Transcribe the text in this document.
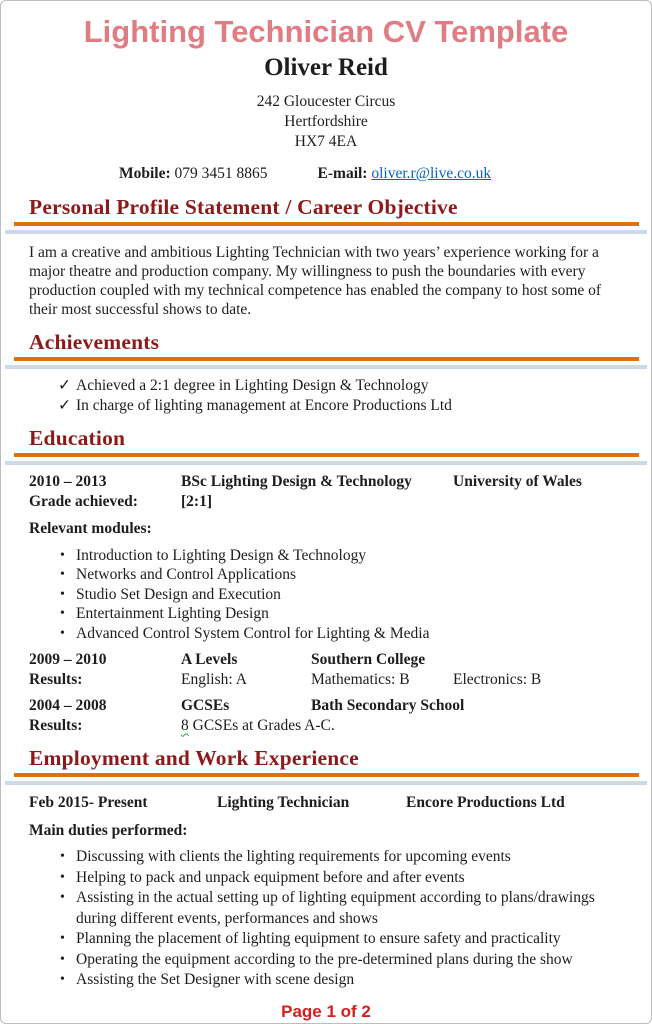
Lighting Technician CV Template
Oliver Reid
242 Gloucester Circus
Hertfordshire
HX7 4EA
Mobile: 079 3451 8865	E-mail: oliver.r@live.co.uk
Personal Profile Statement / Career Objective

I am a creative and ambitious Lighting Technician with two years’ experience working for a major theatre and production company. My willingness to push the boundaries with every production coupled with my technical competence has enabled the company to host some of their most successful shows to date.

Achievements
✓ Achieved a 2:1 degree in Lighting Design & Technology
✓ In charge of lighting management at Encore Productions Ltd
Education
2010 – 2013	BSc Lighting Design & Technology	University of Wales
Grade achieved:	[2:1]
Relevant modules:
• Introduction to Lighting Design & Technology
• Networks and Control Applications
• Studio Set Design and Execution
• Entertainment Lighting Design
• Advanced Control System Control for Lighting & Media
2009 – 2010	A Levels	Southern College
Results:	English: A	Mathematics: B	Electronics: B
2004 – 2008	GCSEs	Bath Secondary School
Results:	8 GCSEs at Grades A-C.
Employment and Work Experience
Feb 2015- Present	Lighting Technician	Encore Productions Ltd
Main duties performed:
• Discussing with clients the lighting requirements for upcoming events
• Helping to pack and unpack equipment before and after events
• Assisting in the actual setting up of lighting equipment according to plans/drawings during different events, performances and shows
• Planning the placement of lighting equipment to ensure safety and practicality
• Operating the equipment according to the pre-determined plans during the show
• Assisting the Set Designer with scene design
Page 1 of 2
